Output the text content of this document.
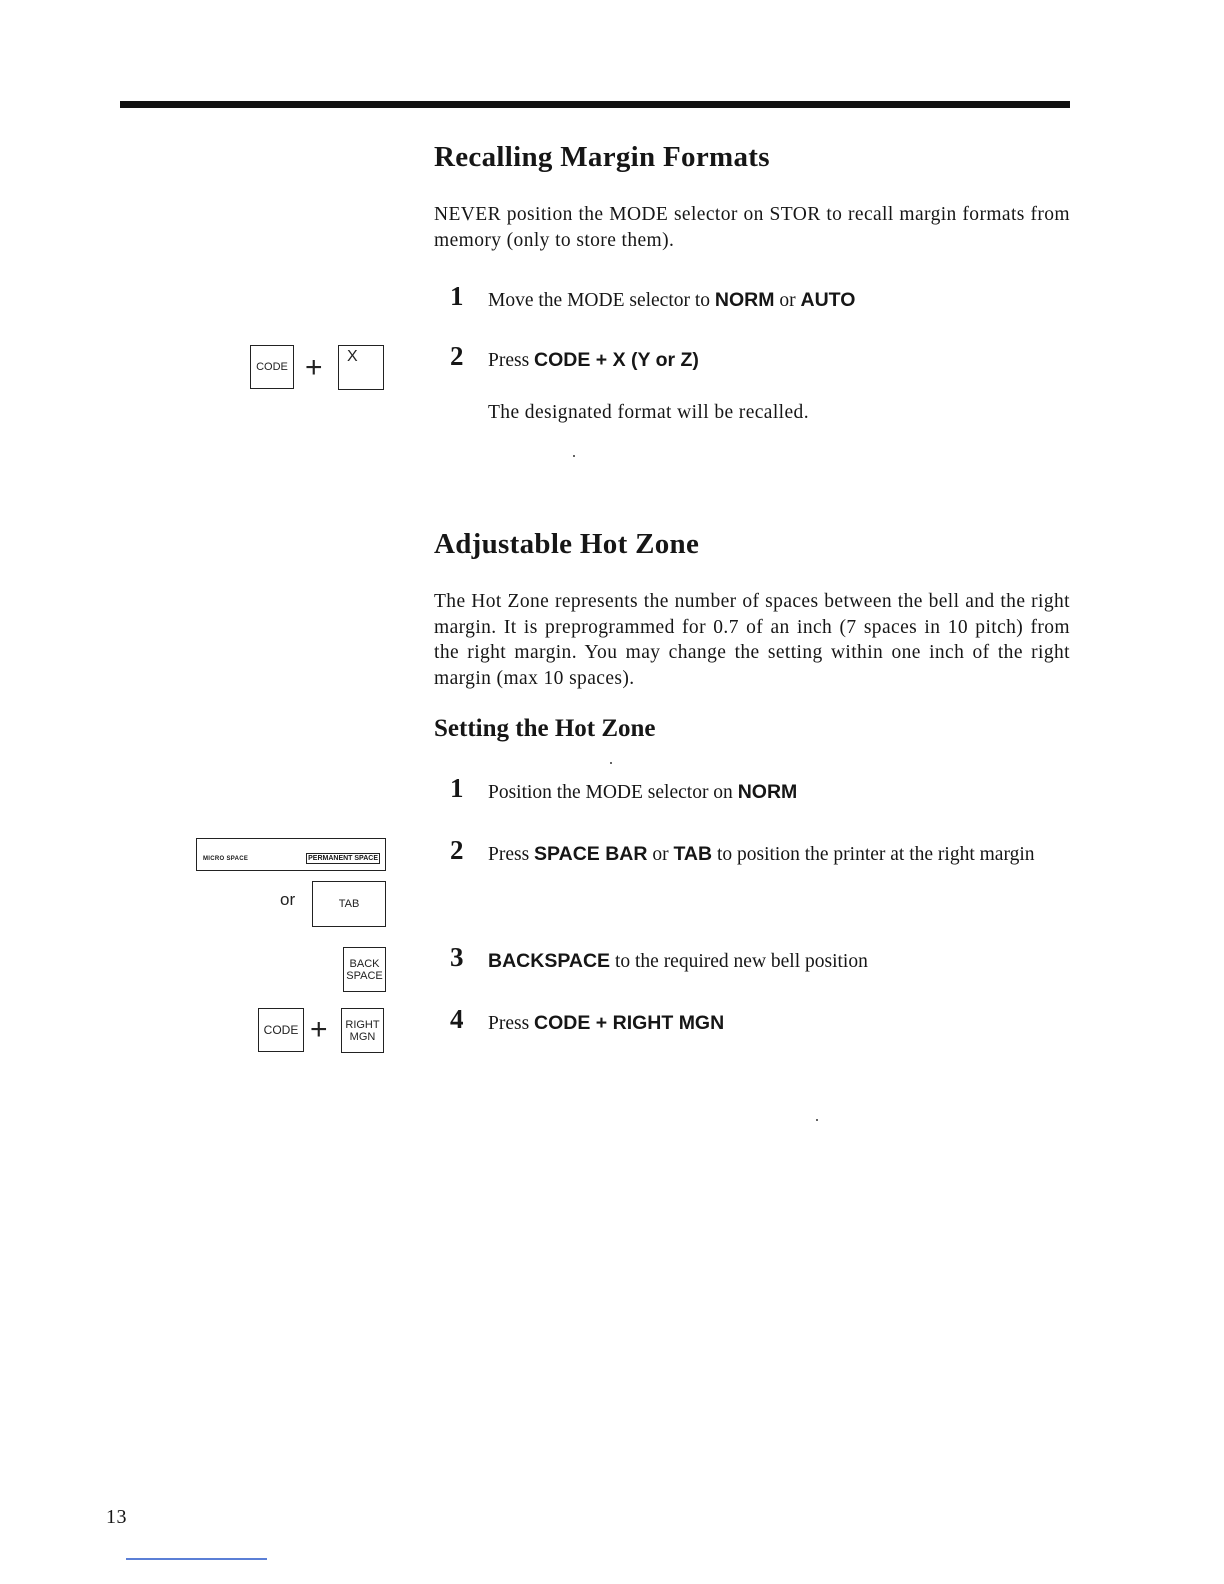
Recalling Margin Formats

NEVER position the MODE selector on STOR to recall margin formats from memory (only to store them).

1 Move the MODE selector to NORM or AUTO
2 Press CODE + X (Y or Z)

The designated format will be recalled.

CODE +	X
Adjustable Hot Zone

The Hot Zone represents the number of spaces between the bell and the right margin. It is preprogrammed for 0.7 of an inch (7 spaces in 10 pitch) from the right margin. You may change the setting within one inch of the right margin (max 10 spaces).

Setting the Hot Zone
1 Position the MODE selector on NORM
2 Press SPACE BAR or TAB to position the printer at the right margin
3 BACKSPACE to the required new bell position
4 Press CODE + RIGHT MGN
MICRO SPACE	PERMANENT SPACE
or	TAB
BACK
SPACE
CODE + RIGHT
MGN
13
